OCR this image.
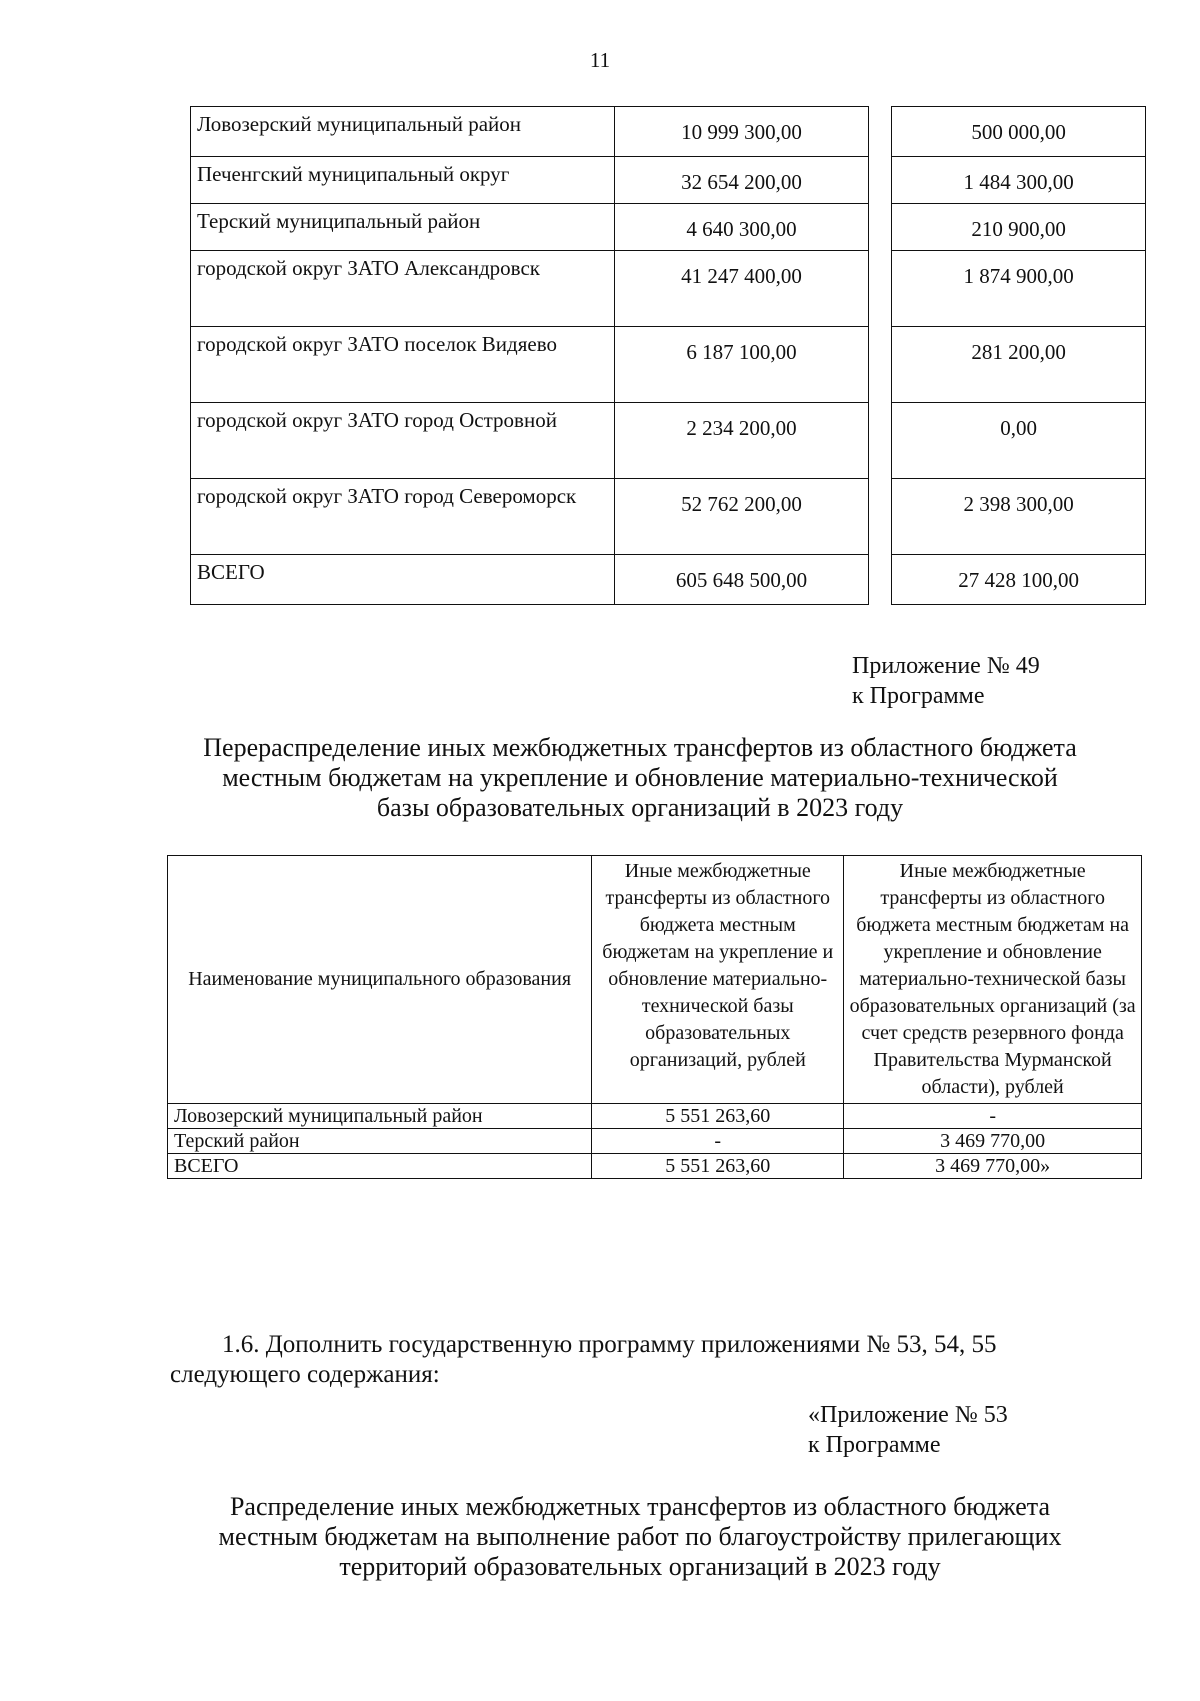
11
Ловозерский муниципальный район	10 999 300,00		500 000,00
Печенгский муниципальный округ	32 654 200,00		1 484 300,00
Терский муниципальный район	4 640 300,00		210 900,00
городской округ ЗАТО Александровск	41 247 400,00		1 874 900,00
городской округ ЗАТО поселок Видяево	6 187 100,00		281 200,00
городской округ ЗАТО город Островной	2 234 200,00		0,00
городской округ ЗАТО город Североморск	52 762 200,00		2 398 300,00
ВСЕГО	605 648 500,00		27 428 100,00
Приложение № 49
к Программе
Перераспределение иных межбюджетных трансфертов из областного бюджета
местным бюджетам на укрепление и обновление материально-технической
базы образовательных организаций в 2023 году
Наименование муниципального образования	Иные межбюджетные трансферты из областного бюджета местным бюджетам на укрепление и обновление материально-технической базы образовательных организаций, рублей	Иные межбюджетные трансферты из областного бюджета местным бюджетам на укрепление и обновление материально-технической базы образовательных организаций (за счет средств резервного фонда Правительства Мурманской области), рублей
Ловозерский муниципальный район	5 551 263,60	-
Терский район	-	3 469 770,00
ВСЕГО	5 551 263,60	3 469 770,00»
1.6. Дополнить государственную программу приложениями № 53, 54, 55
следующего содержания:
«Приложение № 53
к Программе
Распределение иных межбюджетных трансфертов из областного бюджета
местным бюджетам на выполнение работ по благоустройству прилегающих
территорий образовательных организаций в 2023 году
